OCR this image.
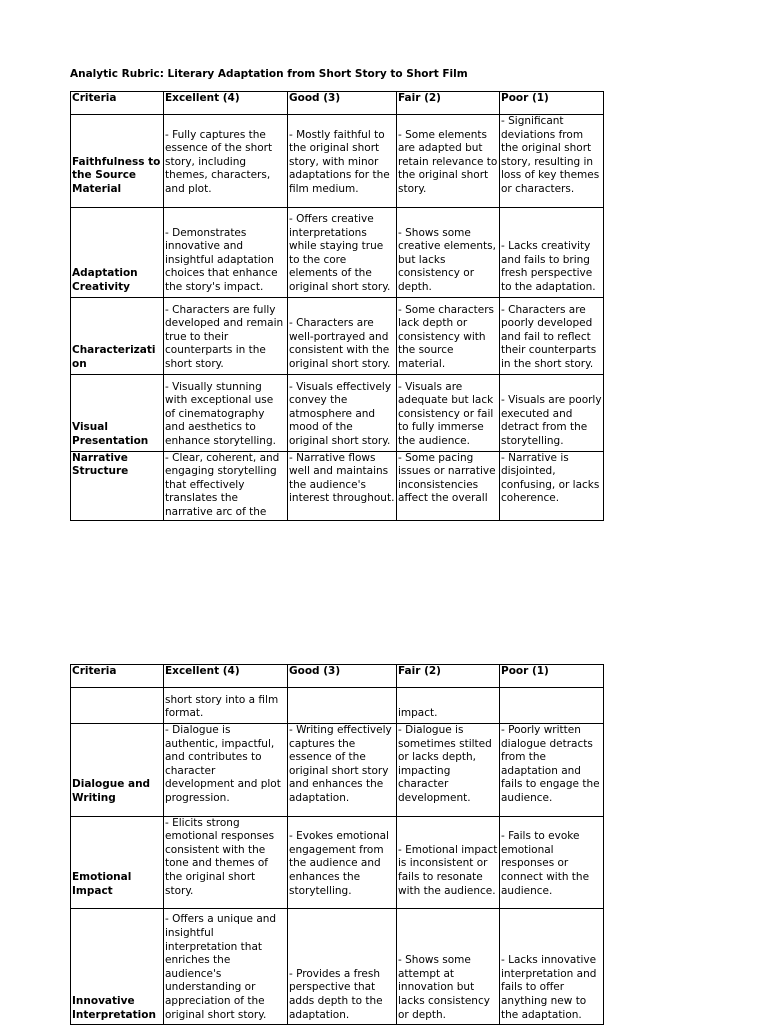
Analytic Rubric: Literary Adaptation from Short Story to Short Film
Criteria	Excellent (4)	Good (3)	Fair (2)	Poor (1)
Faithfulness to the Source Material	- Fully captures the essence of the short story, including themes, characters, and plot.	- Mostly faithful to the original short story, with minor adaptations for the film medium.	- Some elements are adapted but retain relevance to the original short story.	- Significant deviations from the original short story, resulting in loss of key themes or characters.
Adaptation Creativity	- Demonstrates innovative and insightful adaptation choices that enhance the story's impact.	- Offers creative interpretations while staying true to the core elements of the original short story.	- Shows some creative elements, but lacks consistency or depth.	- Lacks creativity and fails to bring fresh perspective to the adaptation.
Characterization	- Characters are fully developed and remain true to their counterparts in the short story.	- Characters are well-portrayed and consistent with the original short story.	- Some characters lack depth or consistency with the source material.	- Characters are poorly developed and fail to reflect their counterparts in the short story.
Visual Presentation	- Visually stunning with exceptional use of cinematography and aesthetics to enhance storytelling.	- Visuals effectively convey the atmosphere and mood of the original short story.	- Visuals are adequate but lack consistency or fail to fully immerse the audience.	- Visuals are poorly executed and detract from the storytelling.
Narrative Structure	- Clear, coherent, and engaging storytelling that effectively translates the narrative arc of the	- Narrative flows well and maintains the audience's interest throughout.	- Some pacing issues or narrative inconsistencies affect the overall	- Narrative is disjointed, confusing, or lacks coherence.
Criteria	Excellent (4)	Good (3)	Fair (2)	Poor (1)
	short story into a film format.		impact.	
Dialogue and Writing	- Dialogue is authentic, impactful, and contributes to character development and plot progression.	- Writing effectively captures the essence of the original short story and enhances the adaptation.	- Dialogue is sometimes stilted or lacks depth, impacting character development.	- Poorly written dialogue detracts from the adaptation and fails to engage the audience.
Emotional Impact	- Elicits strong emotional responses consistent with the tone and themes of the original short story.	- Evokes emotional engagement from the audience and enhances the storytelling.	- Emotional impact is inconsistent or fails to resonate with the audience.	- Fails to evoke emotional responses or connect with the audience.
Innovative Interpretation	- Offers a unique and insightful interpretation that enriches the audience's understanding or appreciation of the original short story.	- Provides a fresh perspective that adds depth to the adaptation.	- Shows some attempt at innovation but lacks consistency or depth.	- Lacks innovative interpretation and fails to offer anything new to the adaptation.
